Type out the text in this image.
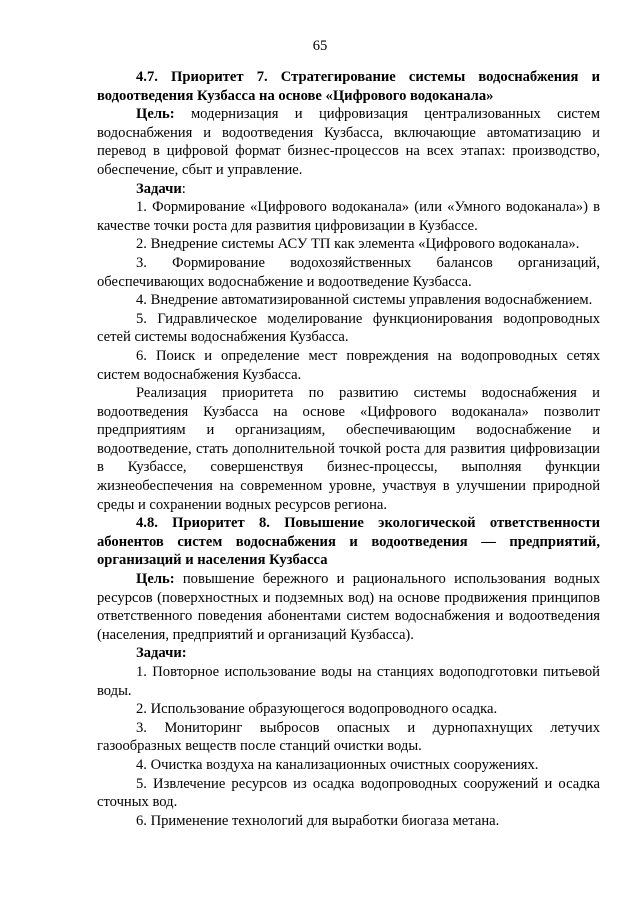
65

4.7. Приоритет 7. Стратегирование системы водоснабжения и водоотведения Кузбасса на основе «Цифрового водоканала»

Цель: модернизация и цифровизация централизованных систем водоснабжения и водоотведения Кузбасса, включающие автоматизацию и перевод в цифровой формат бизнес-процессов на всех этапах: производство, обеспечение, сбыт и управление.

Задачи:

1. Формирование «Цифрового водоканала» (или «Умного водоканала») в качестве точки роста для развития цифровизации в Кузбассе.

2. Внедрение системы АСУ ТП как элемента «Цифрового водоканала».

3. Формирование водохозяйственных балансов организаций, обеспечивающих водоснабжение и водоотведение Кузбасса.

4. Внедрение автоматизированной системы управления водоснабжением.

5. Гидравлическое моделирование функционирования водопроводных сетей системы водоснабжения Кузбасса.

6. Поиск и определение мест повреждения на водопроводных сетях систем водоснабжения Кузбасса.

Реализация приоритета по развитию системы водоснабжения и водоотведения Кузбасса на основе «Цифрового водоканала» позволит предприятиям и организациям, обеспечивающим водоснабжение и водоотведение, стать дополнительной точкой роста для развития цифровизации в Кузбассе, совершенствуя бизнес-процессы, выполняя функции жизнеобеспечения на современном уровне, участвуя в улучшении природной среды и сохранении водных ресурсов региона.

4.8. Приоритет 8. Повышение экологической ответственности абонентов систем водоснабжения и водоотведения — предприятий, организаций и населения Кузбасса

Цель: повышение бережного и рационального использования водных ресурсов (поверхностных и подземных вод) на основе продвижения принципов ответственного поведения абонентами систем водоснабжения и водоотведения (населения, предприятий и организаций Кузбасса).

Задачи:

1. Повторное использование воды на станциях водоподготовки питьевой воды.

2. Использование образующегося водопроводного осадка.

3. Мониторинг выбросов опасных и дурнопахнущих летучих газообразных веществ после станций очистки воды.

4. Очистка воздуха на канализационных очистных сооружениях.

5. Извлечение ресурсов из осадка водопроводных сооружений и осадка сточных вод.

6. Применение технологий для выработки биогаза метана.
